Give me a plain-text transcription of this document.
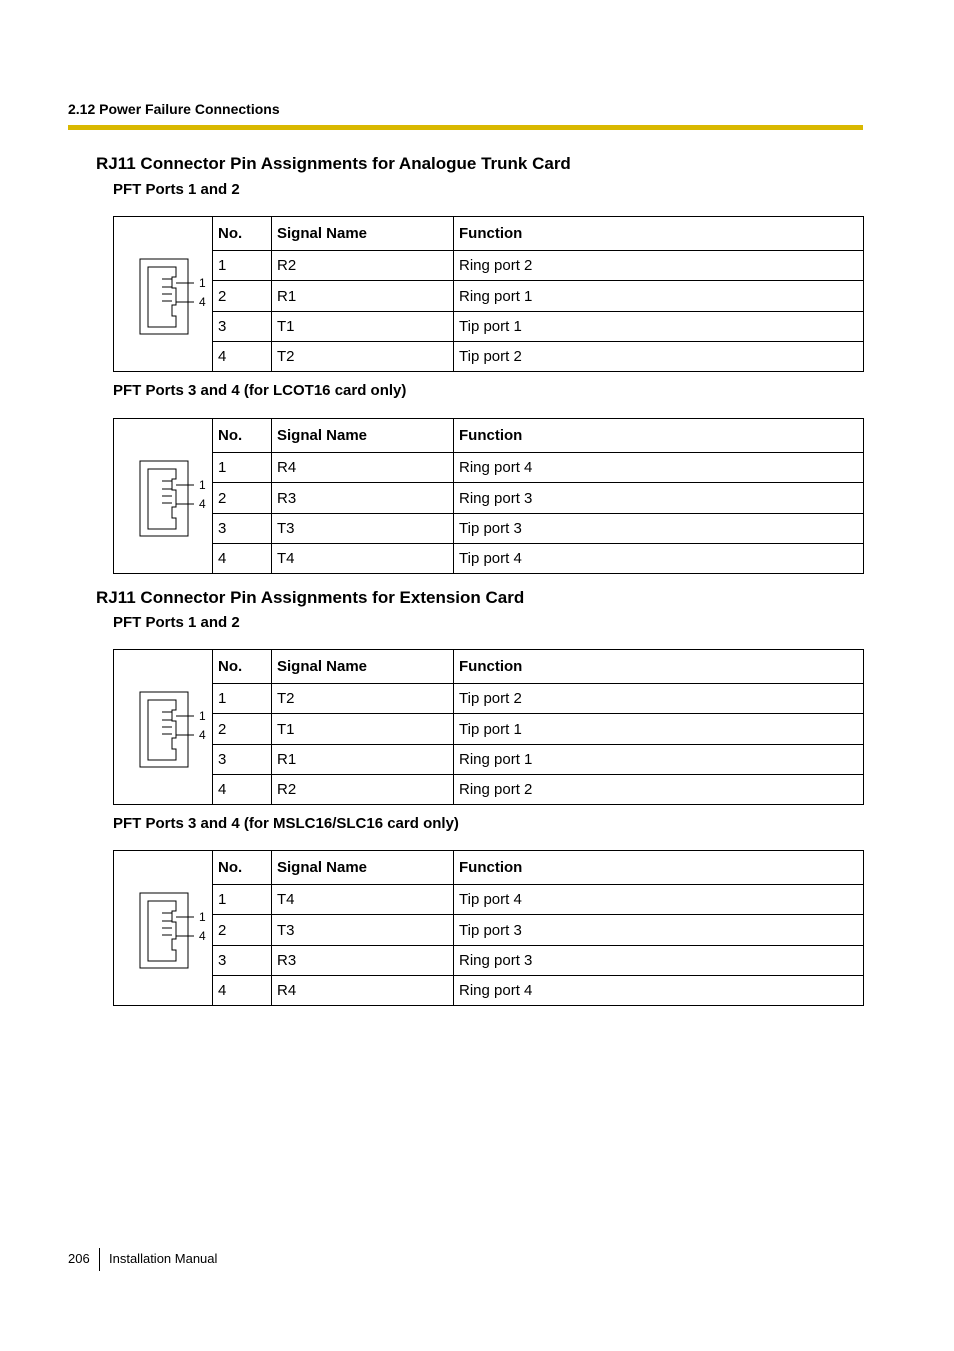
2.12 Power Failure Connections
RJ11 Connector Pin Assignments for Analogue Trunk Card
PFT Ports 1 and 2
1
4	No.	Signal Name	Function
	1	R2	Ring port 2
	2	R1	Ring port 1
	3	T1	Tip port 1
	4	T2	Tip port 2
PFT Ports 3 and 4 (for LCOT16 card only)
1
4	No.	Signal Name	Function
	1	R4	Ring port 4
	2	R3	Ring port 3
	3	T3	Tip port 3
	4	T4	Tip port 4
RJ11 Connector Pin Assignments for Extension Card
PFT Ports 1 and 2
1
4	No.	Signal Name	Function
	1	T2	Tip port 2
	2	T1	Tip port 1
	3	R1	Ring port 1
	4	R2	Ring port 2
PFT Ports 3 and 4 (for MSLC16/SLC16 card only)
1
4	No.	Signal Name	Function
	1	T4	Tip port 4
	2	T3	Tip port 3
	3	R3	Ring port 3
	4	R4	Ring port 4
206 Installation Manual
